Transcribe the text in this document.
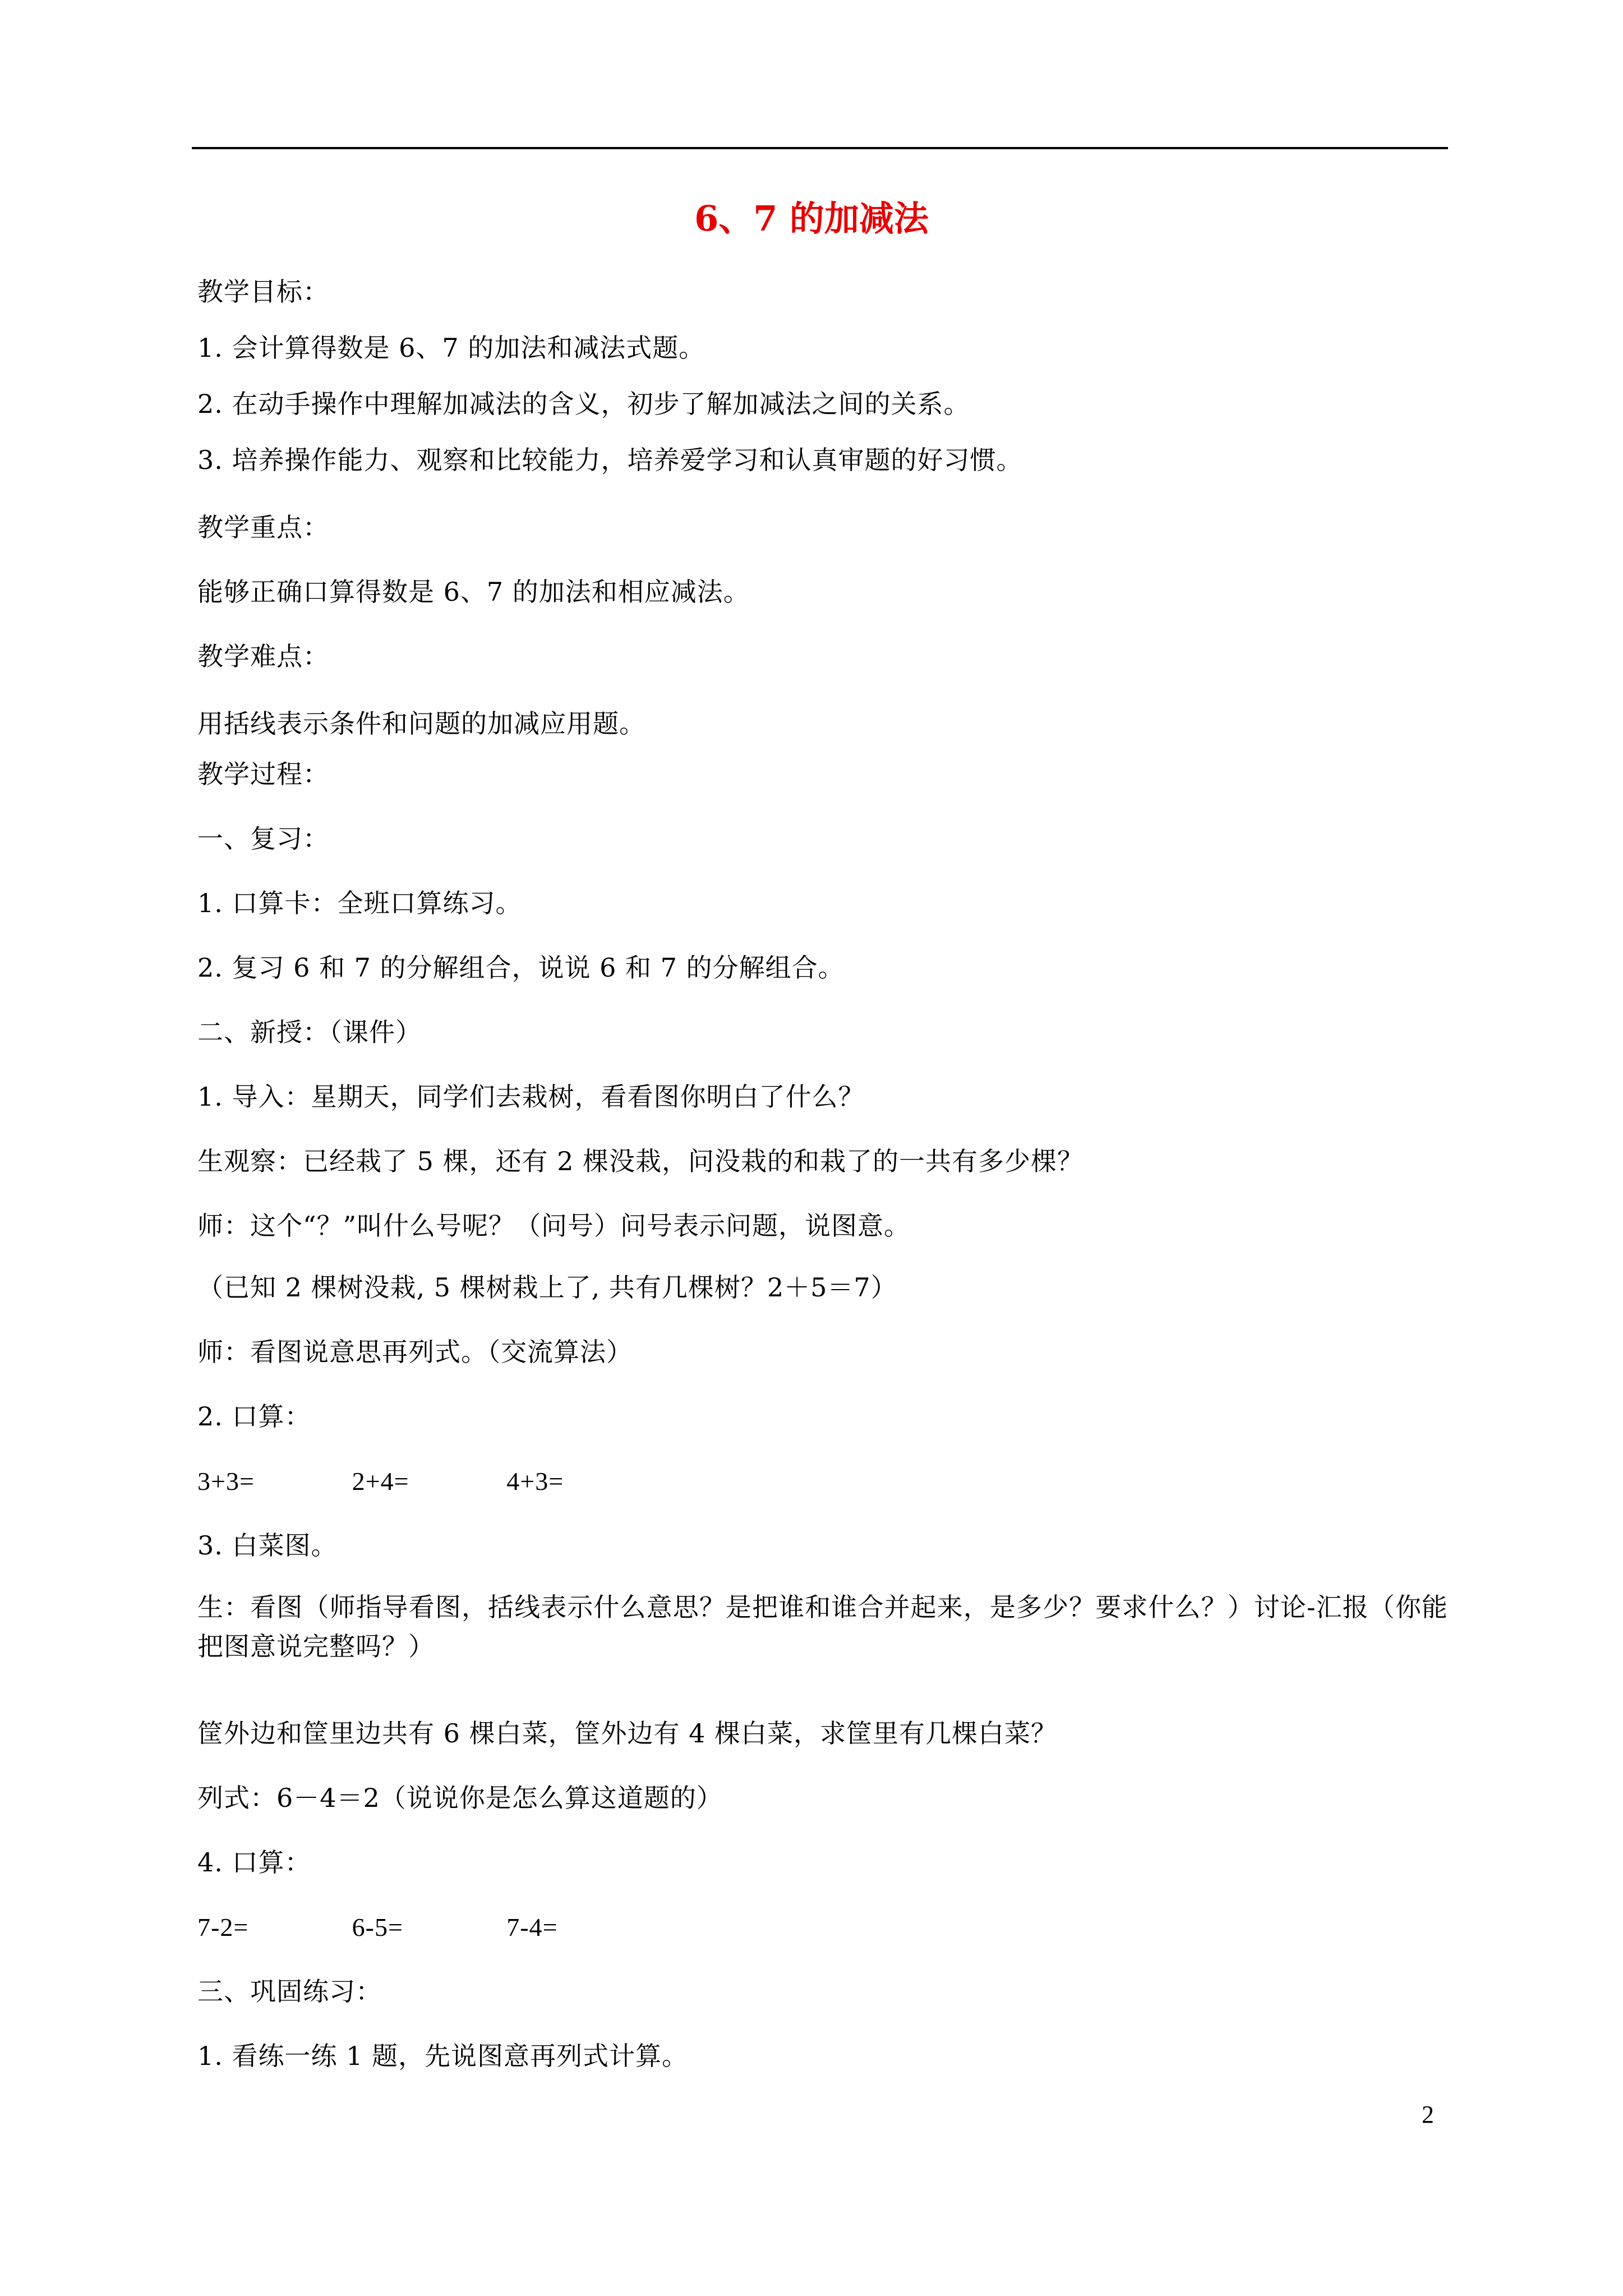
6、7 的加减法
教学目标：
1. 会计算得数是 6、7 的加法和减法式题。
2. 在动手操作中理解加减法的含义，初步了解加减法之间的关系。
3. 培养操作能力、观察和比较能力，培养爱学习和认真审题的好习惯。
教学重点：
能够正确口算得数是 6、7 的加法和相应减法。
教学难点：
用括线表示条件和问题的加减应用题。
教学过程：
一、复习：
1. 口算卡：全班口算练习。
2. 复习 6 和 7 的分解组合，说说 6 和 7 的分解组合。
二、新授：（课件）
1. 导入：星期天，同学们去栽树，看看图你明白了什么？
生观察：已经栽了 5 棵，还有 2 棵没栽，问没栽的和栽了的一共有多少棵？
师：这个“？”叫什么号呢？（问号）问号表示问题，说图意。
（已知 2 棵树没栽, 5 棵树栽上了, 共有几棵树？2＋5＝7）
师：看图说意思再列式。（交流算法）
2. 口算：
3+3=	2+4=	4+3=
3. 白菜图。
生：看图（师指导看图，括线表示什么意思？是把谁和谁合并起来，是多少？要求什么？）讨论-汇报（你能把图意说完整吗？）
筐外边和筐里边共有 6 棵白菜，筐外边有 4 棵白菜，求筐里有几棵白菜？
列式：6－4＝2（说说你是怎么算这道题的）
4. 口算：
7-2=	6-5=	7-4=
三、巩固练习：
1. 看练一练 1 题，先说图意再列式计算。
2
